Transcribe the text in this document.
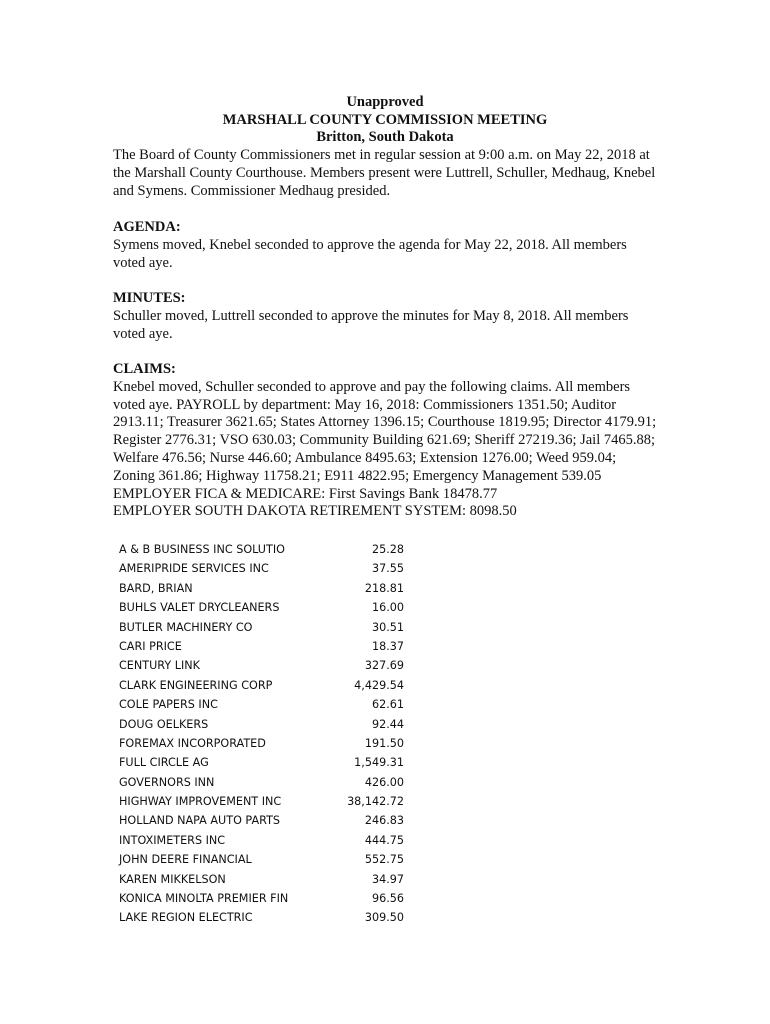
Unapproved
MARSHALL COUNTY COMMISSION MEETING
Britton, South Dakota

The Board of County Commissioners met in regular session at 9:00 a.m. on May 22, 2018 at the Marshall County Courthouse. Members present were Luttrell, Schuller, Medhaug, Knebel and Symens. Commissioner Medhaug presided.

AGENDA:

Symens moved, Knebel seconded to approve the agenda for May 22, 2018. All members voted aye.

MINUTES:

Schuller moved, Luttrell seconded to approve the minutes for May 8, 2018. All members voted aye.

CLAIMS:

Knebel moved, Schuller seconded to approve and pay the following claims. All members voted aye. PAYROLL by department: May 16, 2018: Commissioners 1351.50; Auditor 2913.11; Treasurer 3621.65; States Attorney 1396.15; Courthouse 1819.95; Director 4179.91; Register 2776.31; VSO 630.03; Community Building 621.69; Sheriff 27219.36; Jail 7465.88; Welfare 476.56; Nurse 446.60; Ambulance 8495.63; Extension 1276.00; Weed 959.04; Zoning 361.86; Highway 11758.21; E911 4822.95; Emergency Management 539.05

EMPLOYER FICA & MEDICARE: First Savings Bank 18478.77
EMPLOYER SOUTH DAKOTA RETIREMENT SYSTEM: 8098.50
A & B BUSINESS INC SOLUTIO	25.28
AMERIPRIDE SERVICES INC	37.55
BARD, BRIAN	218.81
BUHLS VALET DRYCLEANERS	16.00
BUTLER MACHINERY CO	30.51
CARI PRICE	18.37
CENTURY LINK	327.69
CLARK ENGINEERING CORP	4,429.54
COLE PAPERS INC	62.61
DOUG OELKERS	92.44
FOREMAX INCORPORATED	191.50
FULL CIRCLE AG	1,549.31
GOVERNORS INN	426.00
HIGHWAY IMPROVEMENT INC	38,142.72
HOLLAND NAPA AUTO PARTS	246.83
INTOXIMETERS INC	444.75
JOHN DEERE FINANCIAL	552.75
KAREN MIKKELSON	34.97
KONICA MINOLTA PREMIER FIN	96.56
LAKE REGION ELECTRIC	309.50
